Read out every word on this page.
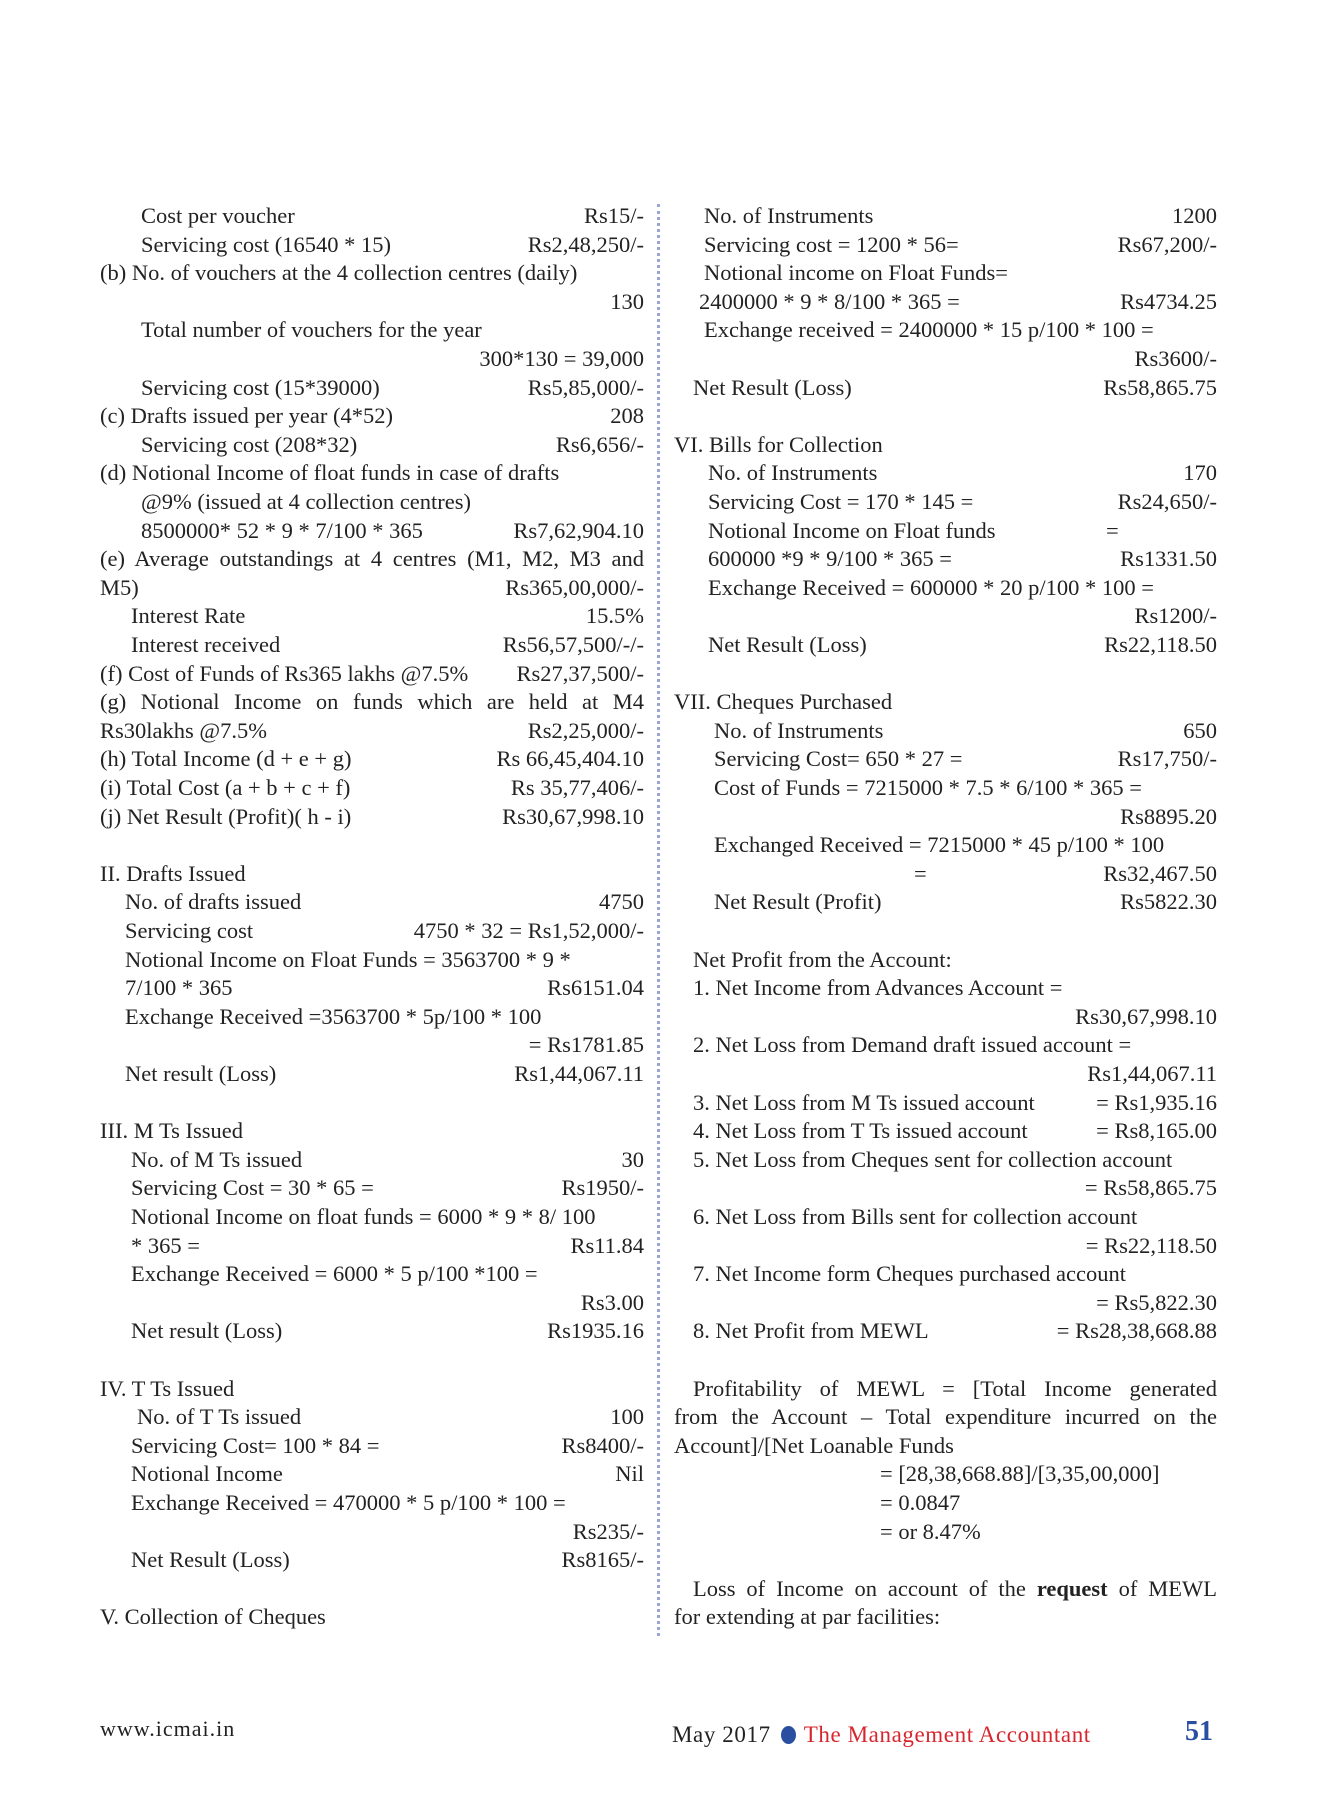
Cost per voucher	Rs15/-
Servicing cost (16540 * 15)	Rs2,48,250/-
(b) No. of vouchers at the 4 collection centres (daily)
130
Total number of vouchers for the year
300*130 = 39,000
Servicing cost (15*39000)	Rs5,85,000/-
(c) Drafts issued per year (4*52)	208
Servicing cost (208*32)	Rs6,656/-
(d) Notional Income of float funds in case of drafts
@9% (issued at 4 collection centres)
8500000* 52 * 9 * 7/100 * 365	Rs7,62,904.10
(e) Average outstandings at 4 centres (M1, M2, M3 and
M5)	Rs365,00,000/-
Interest Rate	15.5%
Interest received	Rs56,57,500/-/-
(f) Cost of Funds of Rs365 lakhs @7.5% Rs27,37,500/-
(g) Notional Income on funds which are held at M4
Rs30lakhs @7.5%	Rs2,25,000/-
(h) Total Income (d + e + g)	Rs 66,45,404.10
(i) Total Cost (a + b + c + f)	Rs 35,77,406/-
(j) Net Result (Profit)( h - i)	Rs30,67,998.10
II. Drafts Issued
No. of drafts issued	4750
Servicing cost	4750 * 32 = Rs1,52,000/-
Notional Income on Float Funds = 3563700 * 9 *
7/100 * 365	Rs6151.04
Exchange Received =3563700 * 5p/100 * 100
= Rs1781.85
Net result (Loss)	Rs1,44,067.11
III. M Ts Issued
No. of M Ts issued	30
Servicing Cost = 30 * 65 =	Rs1950/-
Notional Income on float funds = 6000 * 9 * 8/ 100
* 365 =	Rs11.84
Exchange Received = 6000 * 5 p/100 *100 =
Rs3.00
Net result (Loss)	Rs1935.16
IV. T Ts Issued
No. of T Ts issued	100
Servicing Cost= 100 * 84 =	Rs8400/-
Notional Income	Nil
Exchange Received = 470000 * 5 p/100 * 100 =
Rs235/-
Net Result (Loss)	Rs8165/-
V. Collection of Cheques
No. of Instruments	1200
Servicing cost = 1200 * 56=	Rs67,200/-
Notional income on Float Funds=
2400000 * 9 * 8/100 * 365 =	Rs4734.25
Exchange received = 2400000 * 15 p/100 * 100 =
Rs3600/-
Net Result (Loss)	Rs58,865.75
VI. Bills for Collection
No. of Instruments	170
Servicing Cost = 170 * 145 =	Rs24,650/-
Notional Income on Float funds	=
600000 *9 * 9/100 * 365 =	Rs1331.50
Exchange Received = 600000 * 20 p/100 * 100 =
Rs1200/-
Net Result (Loss)	Rs22,118.50
VII. Cheques Purchased
No. of Instruments	650
Servicing Cost= 650 * 27 =	Rs17,750/-
Cost of Funds = 7215000 * 7.5 * 6/100 * 365 =
Rs8895.20
Exchanged Received = 7215000 * 45 p/100 * 100
=	Rs32,467.50
Net Result (Profit)	Rs5822.30
Net Profit from the Account:
1. Net Income from Advances Account =
Rs30,67,998.10
2. Net Loss from Demand draft issued account =
Rs1,44,067.11
3. Net Loss from M Ts issued account	= Rs1,935.16
4. Net Loss from T Ts issued account	= Rs8,165.00
5. Net Loss from Cheques sent for collection account
= Rs58,865.75
6. Net Loss from Bills sent for collection account
= Rs22,118.50
7. Net Income form Cheques purchased account
= Rs5,822.30
8. Net Profit from MEWL	= Rs28,38,668.88
Profitability of MEWL = [Total Income generated
from the Account – Total expenditure incurred on the
Account]/[Net Loanable Funds
= [28,38,668.88]/[3,35,00,000]
= 0.0847
= or 8.47%
Loss of Income on account of the request of MEWL
for extending at par facilities:
www.icmai.in	May 2017 The Management Accountant	51
